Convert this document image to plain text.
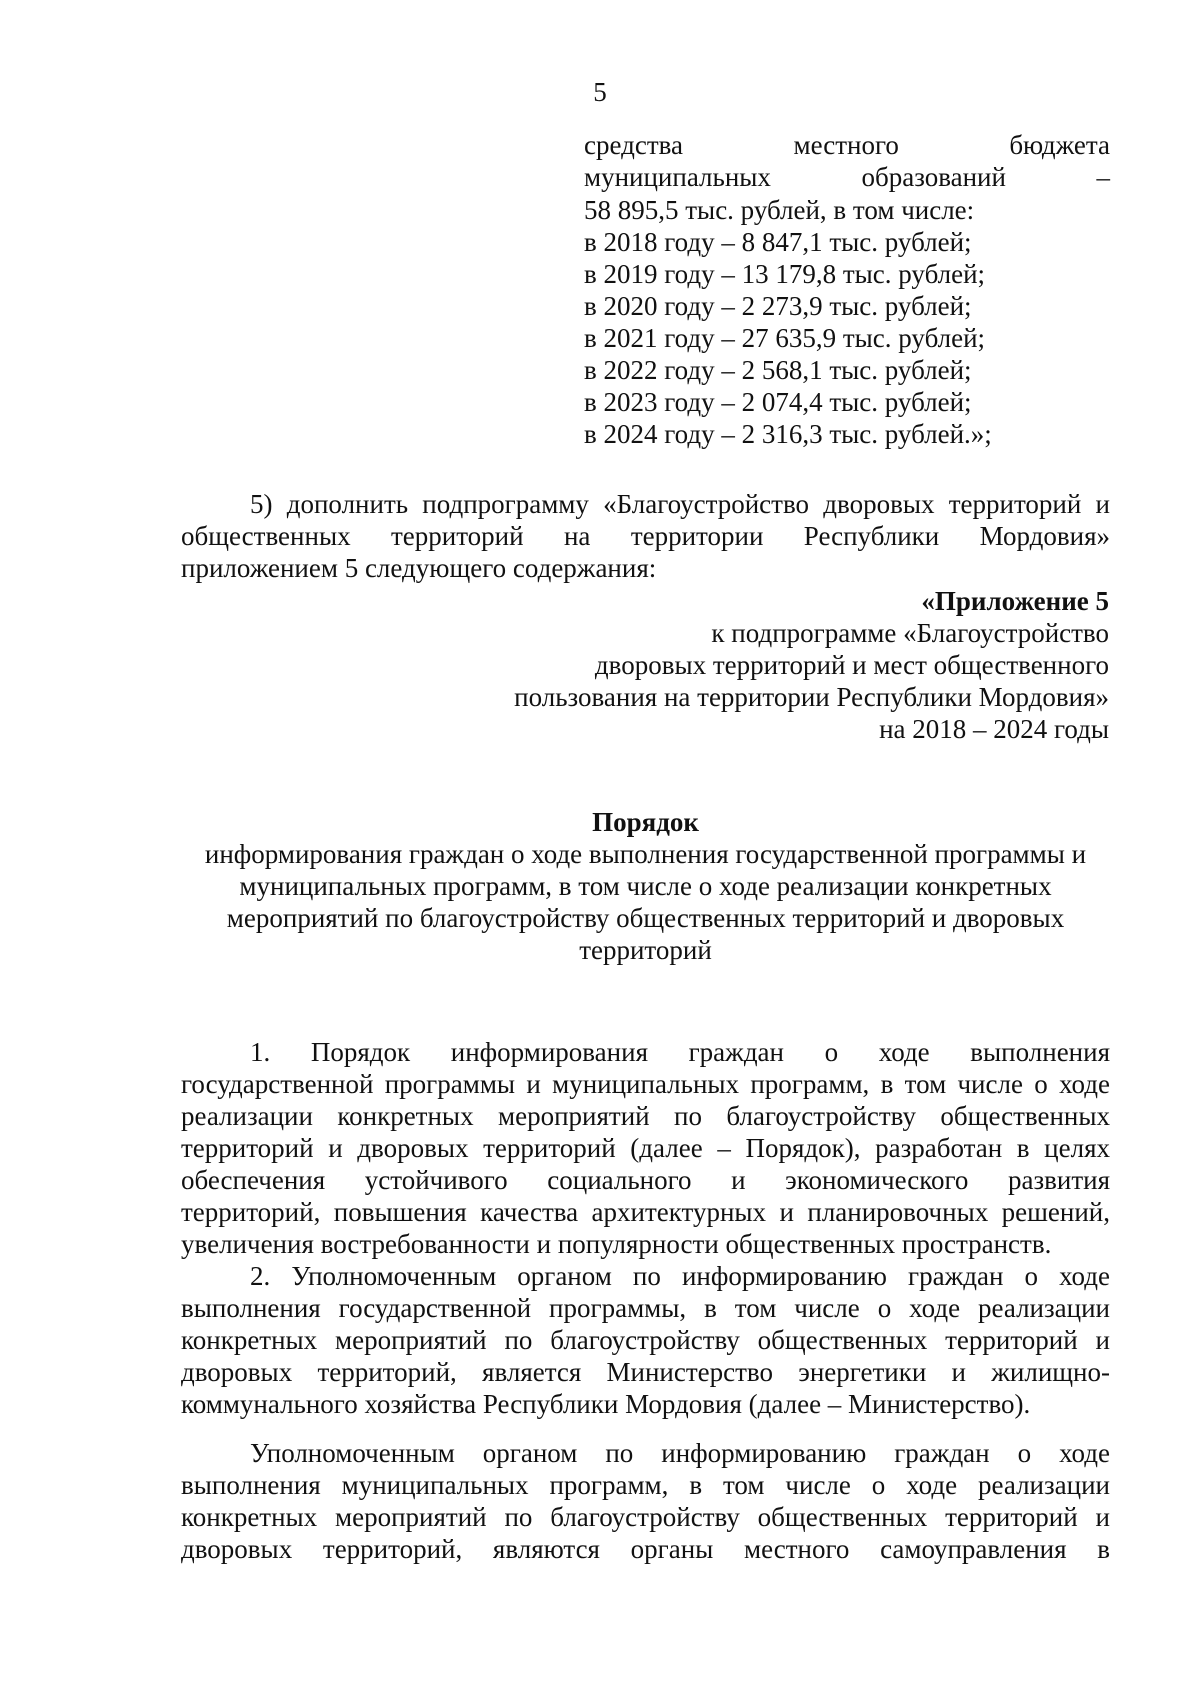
5
средства местного бюджета
муниципальных образований –
58 895,5 тыс. рублей, в том числе:
в 2018 году – 8 847,1 тыс. рублей;
в 2019 году – 13 179,8 тыс. рублей;
в 2020 году – 2 273,9 тыс. рублей;
в 2021 году – 27 635,9 тыс. рублей;
в 2022 году – 2 568,1 тыс. рублей;
в 2023 году – 2 074,4 тыс. рублей;
в 2024 году – 2 316,3 тыс. рублей.»;
5) дополнить подпрограмму «Благоустройство дворовых территорий и
общественных территорий на территории Республики Мордовия»
приложением 5 следующего содержания:
«Приложение 5
к подпрограмме «Благоустройство
дворовых территорий и мест общественного
пользования на территории Республики Мордовия»
на 2018 – 2024 годы
Порядок
информирования граждан о ходе выполнения государственной программы и
муниципальных программ, в том числе о ходе реализации конкретных
мероприятий по благоустройству общественных территорий и дворовых
территорий
1. Порядок информирования граждан о ходе выполнения
государственной программы и муниципальных программ, в том числе о ходе
реализации конкретных мероприятий по благоустройству общественных
территорий и дворовых территорий (далее – Порядок), разработан в целях
обеспечения устойчивого социального и экономического развития
территорий, повышения качества архитектурных и планировочных решений,
увеличения востребованности и популярности общественных пространств.
2. Уполномоченным органом по информированию граждан о ходе
выполнения государственной программы, в том числе о ходе реализации
конкретных мероприятий по благоустройству общественных территорий и
дворовых территорий, является Министерство энергетики и жилищно-
коммунального хозяйства Республики Мордовия (далее – Министерство).
Уполномоченным органом по информированию граждан о ходе
выполнения муниципальных программ, в том числе о ходе реализации
конкретных мероприятий по благоустройству общественных территорий и
дворовых территорий, являются органы местного самоуправления в
